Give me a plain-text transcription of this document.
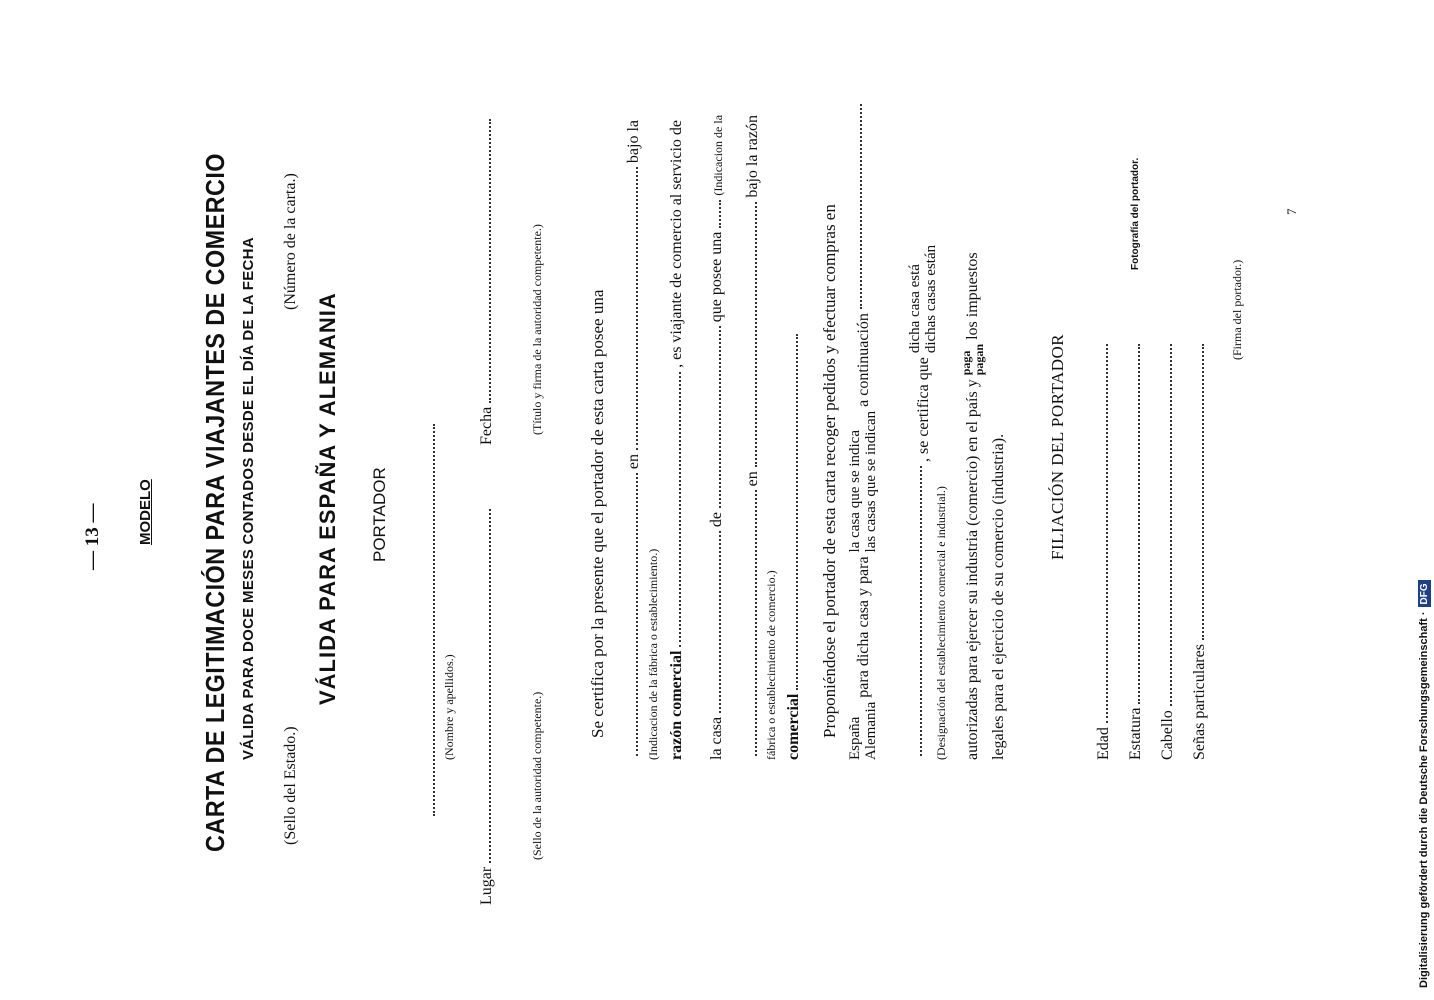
— 13 — MODELO CARTA DE LEGITIMACIÓN PARA VIAJANTES DE COMERCIO VÁLIDA PARA DOCE MESES CONTADOS DESDE EL DÍA DE LA FECHA
(Sello del Estado.)
(Número de la carta.)
VÁLIDA PARA ESPAÑA Y ALEMANIA PORTADOR
(Nombre y apellidos.)
Lugar
Fecha
(Sello de la autoridad competente.)
(Título y firma de la autoridad competente.)	Se certifica por la presente que el portador de esta carta posee una en
bajo la
(Indicacion de la fábrica o establecimiento.) razón comercial
, es viajante de comercio al servicio de
la casa
de
que posee una
(Indicacion de la
en
bajo la razón
fábrica o establecimiento de comercio.) comercial Proponiéndose el portador de esta carta recoger pedidos y efectuar compras en
España Alemania
para dicha casa y para
la casa que se indica las casas que se indican
a continuación	, se certifica que
dicha casa está dichas casas están
(Designación del establecimiento comercial e industrial.) autorizadas para ejercer su industria (comercio) en el país y
paga
pagan
los impuestos
legales para el ejercicio de su comercio (industria). FILIACIÓN DEL PORTADOR
Edad Estatura Cabello Señas particulares
Fotografía del portador.
(Firma del portador.)
7
Digitalisierung gefördert durch die Deutsche Forschungsgemeinschaft ·DFG
